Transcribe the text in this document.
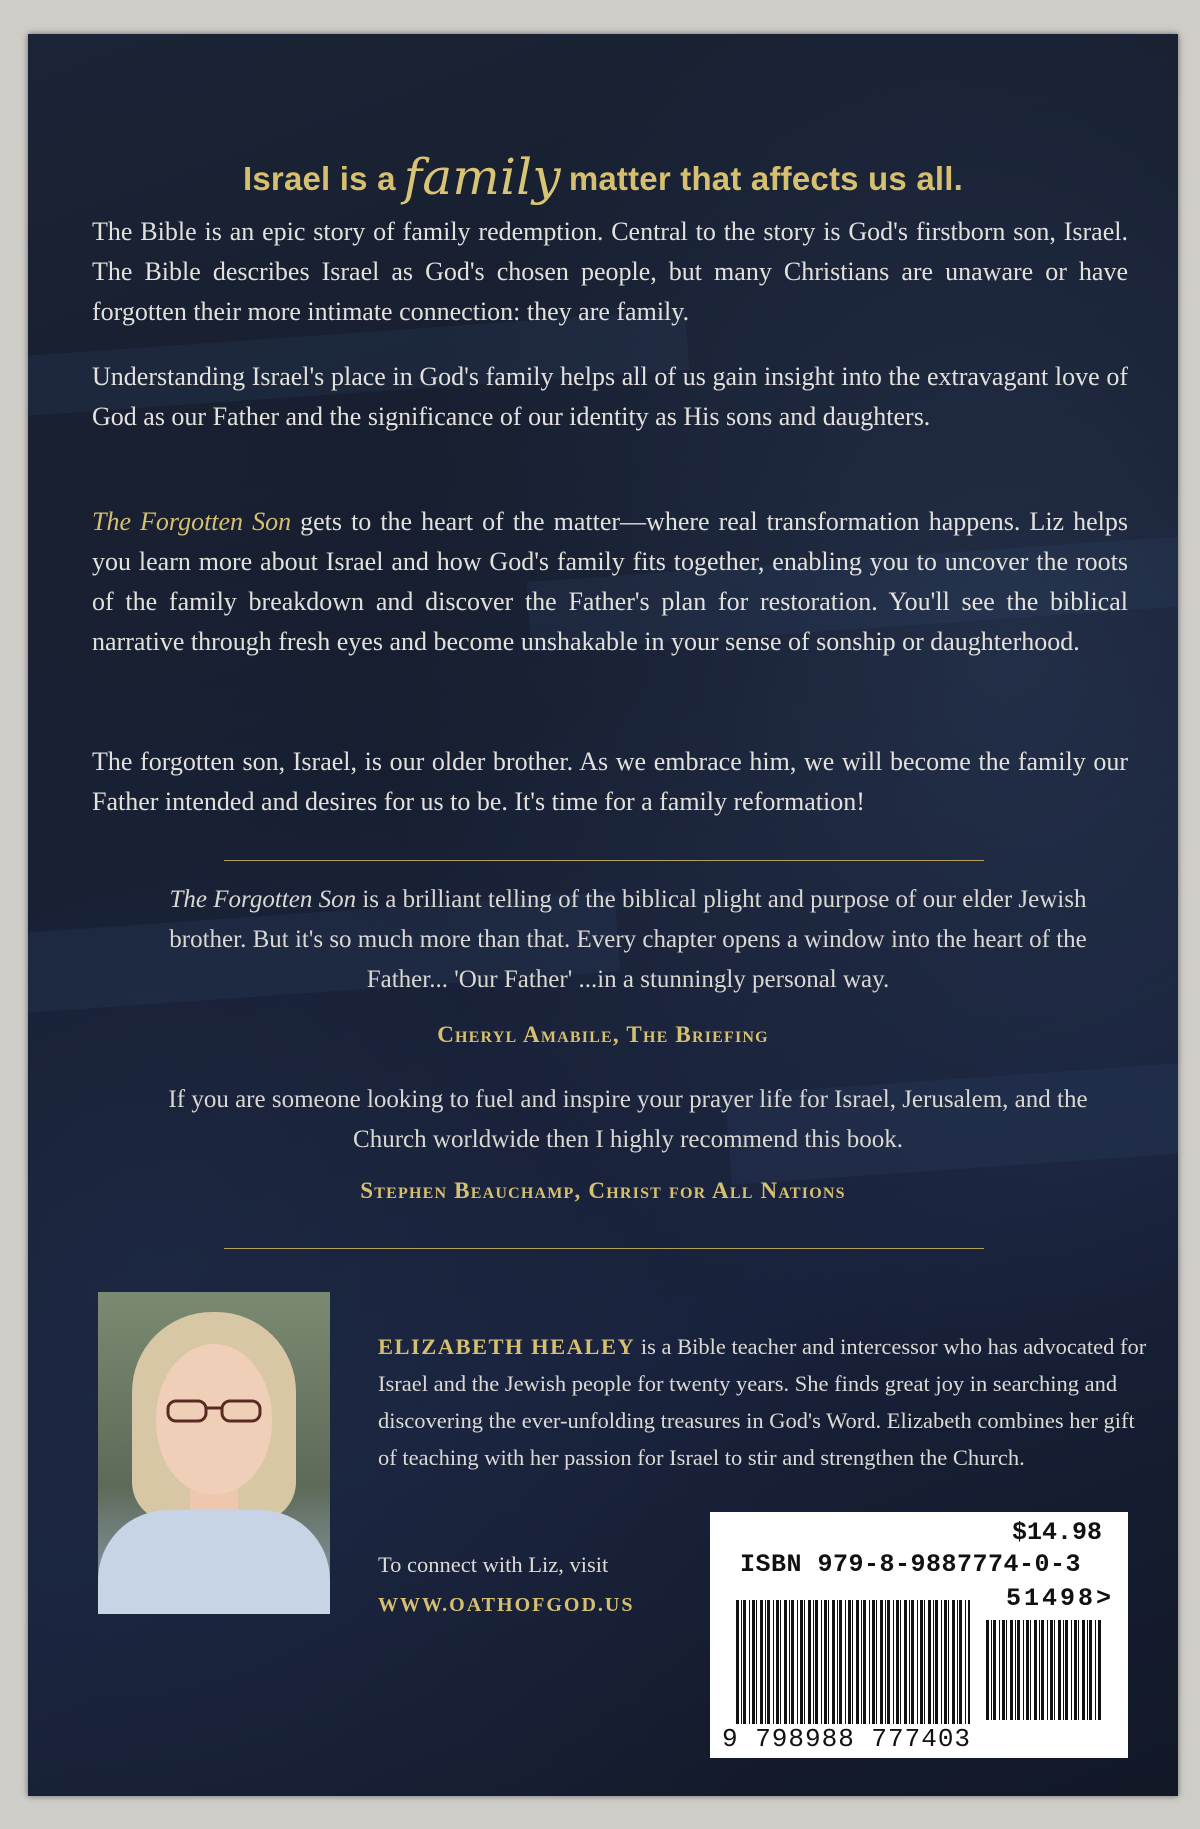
Israel is a family matter that affects us all.
The Bible is an epic story of family redemption. Central to the story is God's firstborn son, Israel. The Bible describes Israel as God's chosen people, but many Christians are unaware or have forgotten their more intimate connection: they are family.
Understanding Israel's place in God's family helps all of us gain insight into the extravagant love of God as our Father and the significance of our identity as His sons and daughters.
The Forgotten Son gets to the heart of the matter—where real transformation happens. Liz helps you learn more about Israel and how God's family fits together, enabling you to uncover the roots of the family breakdown and discover the Father's plan for restoration. You'll see the biblical narrative through fresh eyes and become unshakable in your sense of sonship or daughterhood.
The forgotten son, Israel, is our older brother. As we embrace him, we will become the family our Father intended and desires for us to be. It's time for a family reformation!
The Forgotten Son is a brilliant telling of the biblical plight and purpose of our elder Jewish brother. But it's so much more than that. Every chapter opens a window into the heart of the Father... 'Our Father' ...in a stunningly personal way.
Cheryl Amabile, The Briefing
If you are someone looking to fuel and inspire your prayer life for Israel, Jerusalem, and the Church worldwide then I highly recommend this book.
Stephen Beauchamp, Christ for All Nations
ELIZABETH HEALEY is a Bible teacher and intercessor who has advocated for Israel and the Jewish people for twenty years. She finds great joy in searching and discovering the ever-unfolding treasures in God's Word. Elizabeth combines her gift of teaching with her passion for Israel to stir and strengthen the Church.
To connect with Liz, visit
WWW.OATHOFGOD.US
$14.98
ISBN 979-8-9887774-0-3
51498>
9 798988 777403
